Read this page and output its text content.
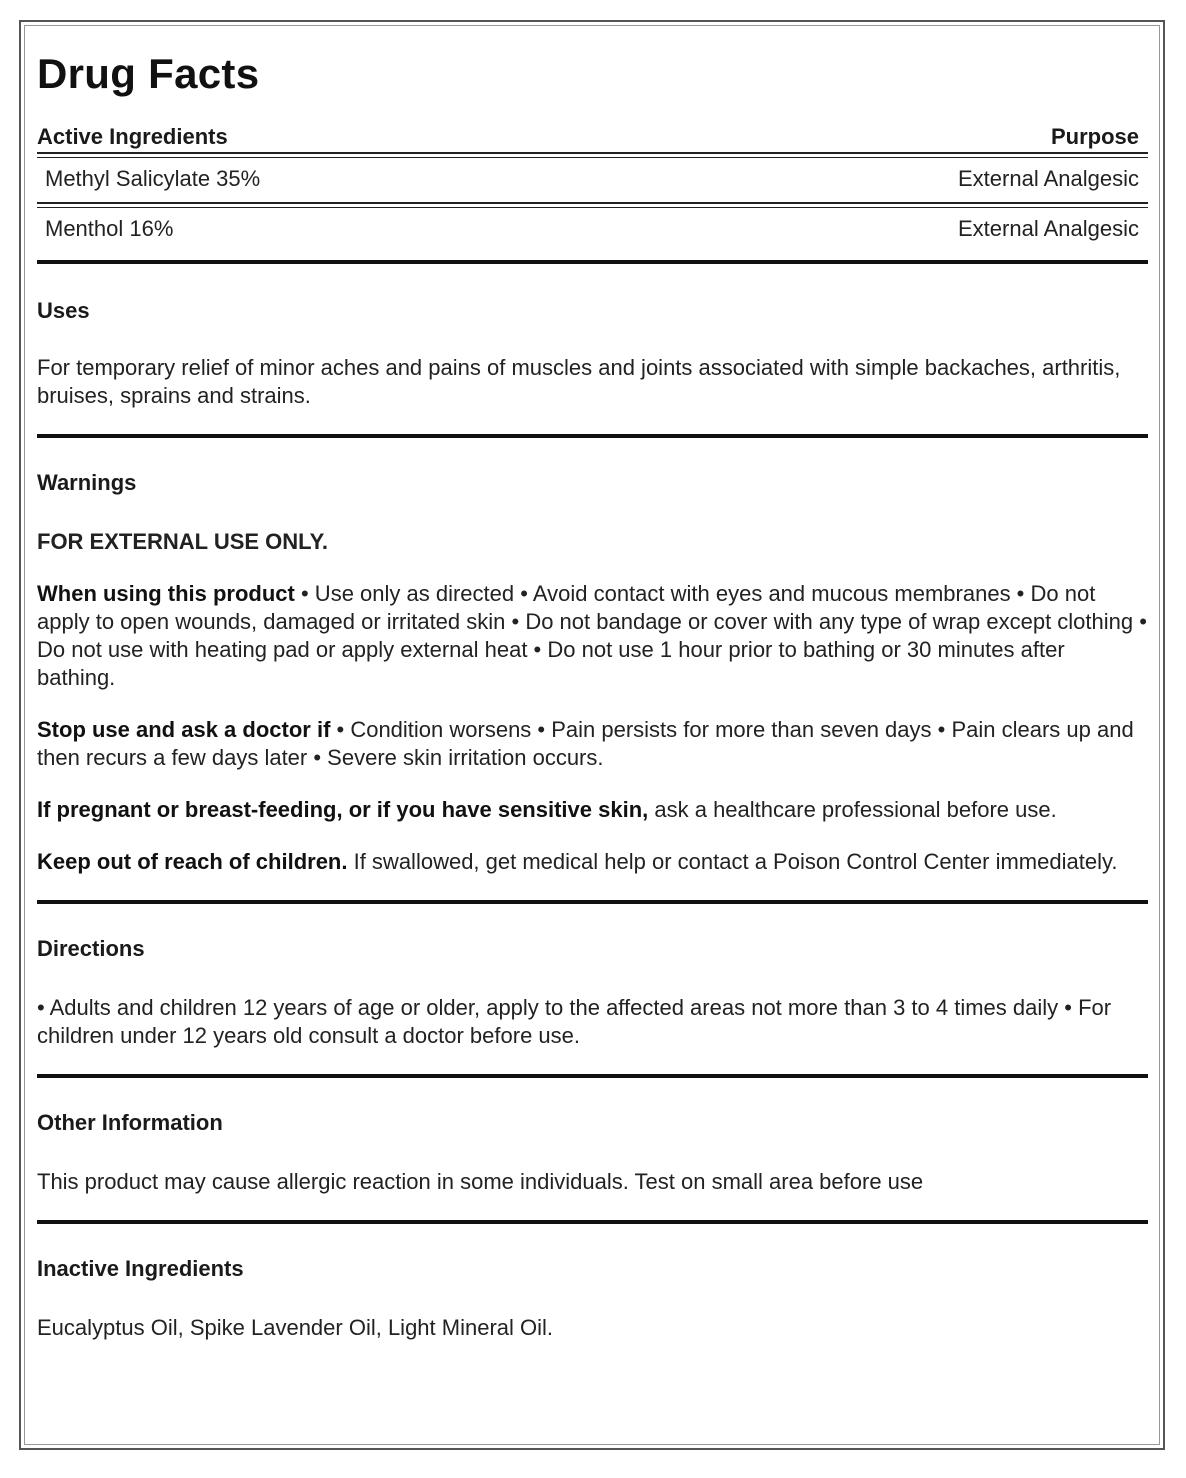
Drug Facts
Active Ingredients	Purpose
Methyl Salicylate 35%	External Analgesic
Menthol 16%	External Analgesic

Uses

For temporary relief of minor aches and pains of muscles and joints associated with simple backaches, arthritis, bruises, sprains and strains.

Warnings

FOR EXTERNAL USE ONLY.

When using this product • Use only as directed • Avoid contact with eyes and mucous membranes • Do not apply to open wounds, damaged or irritated skin • Do not bandage or cover with any type of wrap except clothing • Do not use with heating pad or apply external heat • Do not use 1 hour prior to bathing or 30 minutes after bathing.

Stop use and ask a doctor if • Condition worsens • Pain persists for more than seven days • Pain clears up and then recurs a few days later • Severe skin irritation occurs.

If pregnant or breast-feeding, or if you have sensitive skin, ask a healthcare professional before use.

Keep out of reach of children. If swallowed, get medical help or contact a Poison Control Center immediately.

Directions

• Adults and children 12 years of age or older, apply to the affected areas not more than 3 to 4 times daily • For children under 12 years old consult a doctor before use.

Other Information

This product may cause allergic reaction in some individuals. Test on small area before use

Inactive Ingredients

Eucalyptus Oil, Spike Lavender Oil, Light Mineral Oil.
